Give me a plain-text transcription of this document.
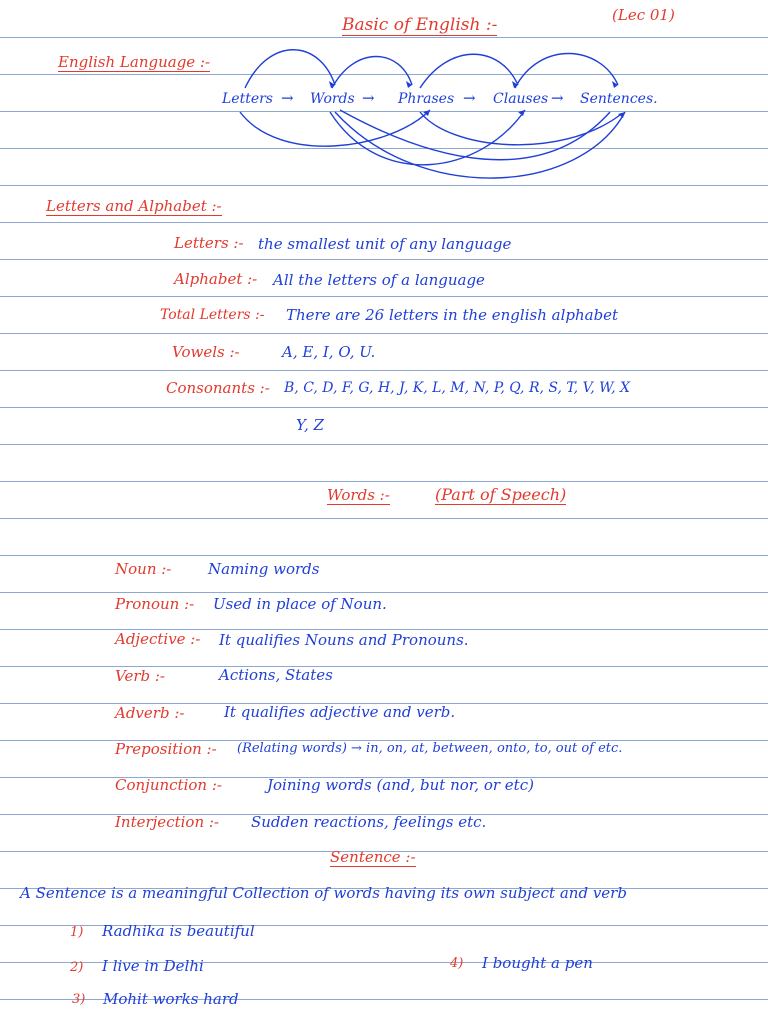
Basic of English :-	(Lec 01)
English Language :-
Letters → Words → Phrases → Clauses → Sentences.
Letters and Alphabet :-
Letters :- the smallest unit of any language
Alphabet :- All the letters of a language
Total Letters :- There are 26 letters in the english alphabet
Vowels :-	A, E, I, O, U.
Consonants :- B, C, D, F, G, H, J, K, L, M, N, P, Q, R, S, T, V, W, X
Y, Z
Words :-	(Part of Speech)
Noun :- Naming words
Pronoun :- Used in place of Noun.
Adjective :- It qualifies Nouns and Pronouns.
Verb :-	Actions, States
Adverb :-	It qualifies adjective and verb.
Preposition :- (Relating words) → in, on, at, between, onto, to, out of etc.
Conjunction :-	Joining words (and, but nor, or etc)
Interjection :- Sudden reactions, feelings etc.
Sentence :-
A Sentence is a meaningful Collection of words having its own subject and verb
1) Radhika is beautiful
2) I live in Delhi
3) Mohit works hard
4) I bought a pen
